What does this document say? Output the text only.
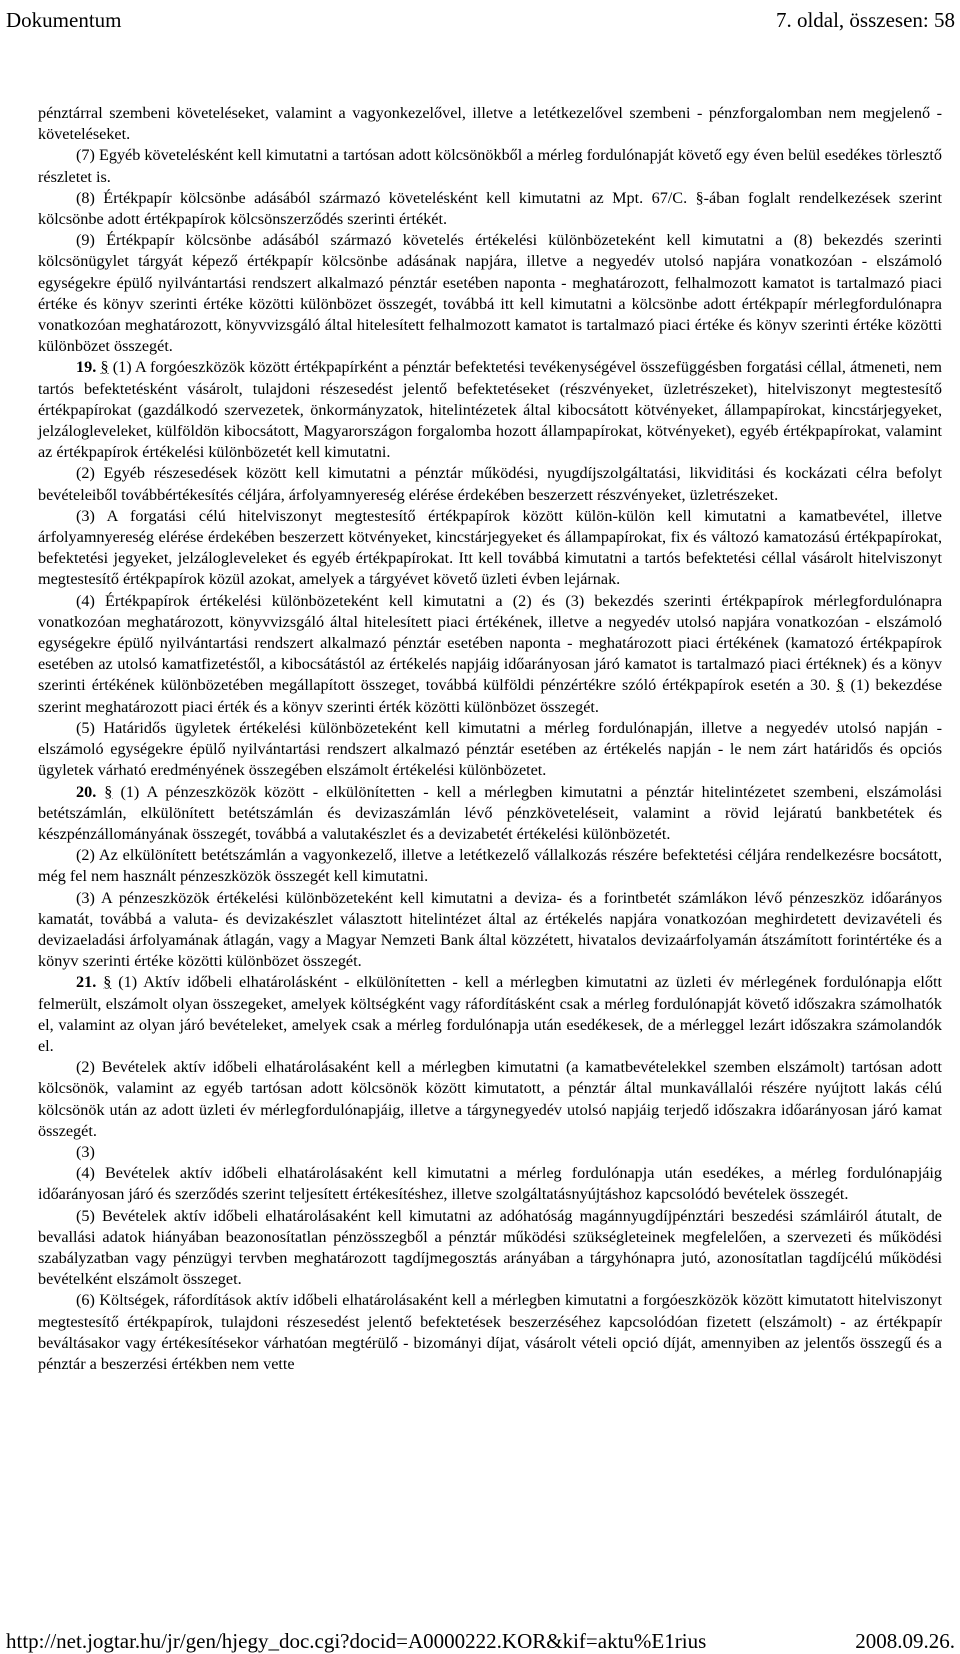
Dokumentum	7. oldal, összesen: 58

pénztárral szembeni követeléseket, valamint a vagyonkezelővel, illetve a letétkezelővel szembeni - pénzforgalomban nem megjelenő - követeléseket.

(7) Egyéb követelésként kell kimutatni a tartósan adott kölcsönökből a mérleg fordulónapját követő egy éven belül esedékes törlesztő részletet is.

(8) Értékpapír kölcsönbe adásából származó követelésként kell kimutatni az Mpt. 67/C. §-ában foglalt rendelkezések szerint kölcsönbe adott értékpapírok kölcsönszerződés szerinti értékét.

(9) Értékpapír kölcsönbe adásából származó követelés értékelési különbözeteként kell kimutatni a (8) bekezdés szerinti kölcsönügylet tárgyát képező értékpapír kölcsönbe adásának napjára, illetve a negyedév utolsó napjára vonatkozóan - elszámoló egységekre épülő nyilvántartási rendszert alkalmazó pénztár esetében naponta - meghatározott, felhalmozott kamatot is tartalmazó piaci értéke és könyv szerinti értéke közötti különbözet összegét, továbbá itt kell kimutatni a kölcsönbe adott értékpapír mérlegfordulónapra vonatkozóan meghatározott, könyvvizsgáló által hitelesített felhalmozott kamatot is tartalmazó piaci értéke és könyv szerinti értéke közötti különbözet összegét.

19. § (1) A forgóeszközök között értékpapírként a pénztár befektetési tevékenységével összefüggésben forgatási céllal, átmeneti, nem tartós befektetésként vásárolt, tulajdoni részesedést jelentő befektetéseket (részvényeket, üzletrészeket), hitelviszonyt megtestesítő értékpapírokat (gazdálkodó szervezetek, önkormányzatok, hitelintézetek által kibocsátott kötvényeket, állampapírokat, kincstárjegyeket, jelzálogleveleket, külföldön kibocsátott, Magyarországon forgalomba hozott állampapírokat, kötvényeket), egyéb értékpapírokat, valamint az értékpapírok értékelési különbözetét kell kimutatni.

(2) Egyéb részesedések között kell kimutatni a pénztár működési, nyugdíjszolgáltatási, likviditási és kockázati célra befolyt bevételeiből továbbértékesítés céljára, árfolyamnyereség elérése érdekében beszerzett részvényeket, üzletrészeket.

(3) A forgatási célú hitelviszonyt megtestesítő értékpapírok között külön-külön kell kimutatni a kamatbevétel, illetve árfolyamnyereség elérése érdekében beszerzett kötvényeket, kincstárjegyeket és állampapírokat, fix és változó kamatozású értékpapírokat, befektetési jegyeket, jelzálogleveleket és egyéb értékpapírokat. Itt kell továbbá kimutatni a tartós befektetési céllal vásárolt hitelviszonyt megtestesítő értékpapírok közül azokat, amelyek a tárgyévet követő üzleti évben lejárnak.

(4) Értékpapírok értékelési különbözeteként kell kimutatni a (2) és (3) bekezdés szerinti értékpapírok mérlegfordulónapra vonatkozóan meghatározott, könyvvizsgáló által hitelesített piaci értékének, illetve a negyedév utolsó napjára vonatkozóan - elszámoló egységekre épülő nyilvántartási rendszert alkalmazó pénztár esetében naponta - meghatározott piaci értékének (kamatozó értékpapírok esetében az utolsó kamatfizetéstől, a kibocsátástól az értékelés napjáig időarányosan járó kamatot is tartalmazó piaci értéknek) és a könyv szerinti értékének különbözetében megállapított összeget, továbbá külföldi pénzértékre szóló értékpapírok esetén a 30. § (1) bekezdése szerint meghatározott piaci érték és a könyv szerinti érték közötti különbözet összegét.

(5) Határidős ügyletek értékelési különbözeteként kell kimutatni a mérleg fordulónapján, illetve a negyedév utolsó napján - elszámoló egységekre épülő nyilvántartási rendszert alkalmazó pénztár esetében az értékelés napján - le nem zárt határidős és opciós ügyletek várható eredményének összegében elszámolt értékelési különbözetet.

20. § (1) A pénzeszközök között - elkülönítetten - kell a mérlegben kimutatni a pénztár hitelintézetet szembeni, elszámolási betétszámlán, elkülönített betétszámlán és devizaszámlán lévő pénzköveteléseit, valamint a rövid lejáratú bankbetétek és készpénzállományának összegét, továbbá a valutakészlet és a devizabetét értékelési különbözetét.

(2) Az elkülönített betétszámlán a vagyonkezelő, illetve a letétkezelő vállalkozás részére befektetési céljára rendelkezésre bocsátott, még fel nem használt pénzeszközök összegét kell kimutatni.

(3) A pénzeszközök értékelési különbözeteként kell kimutatni a deviza- és a forintbetét számlákon lévő pénzeszköz időarányos kamatát, továbbá a valuta- és devizakészlet választott hitelintézet által az értékelés napjára vonatkozóan meghirdetett devizavételi és devizaeladási árfolyamának átlagán, vagy a Magyar Nemzeti Bank által közzétett, hivatalos devizaárfolyamán átszámított forintértéke és a könyv szerinti értéke közötti különbözet összegét.

21. § (1) Aktív időbeli elhatárolásként - elkülönítetten - kell a mérlegben kimutatni az üzleti év mérlegének fordulónapja előtt felmerült, elszámolt olyan összegeket, amelyek költségként vagy ráfordításként csak a mérleg fordulónapját követő időszakra számolhatók el, valamint az olyan járó bevételeket, amelyek csak a mérleg fordulónapja után esedékesek, de a mérleggel lezárt időszakra számolandók el.

(2) Bevételek aktív időbeli elhatárolásaként kell a mérlegben kimutatni (a kamatbevételekkel szemben elszámolt) tartósan adott kölcsönök, valamint az egyéb tartósan adott kölcsönök között kimutatott, a pénztár által munkavállalói részére nyújtott lakás célú kölcsönök után az adott üzleti év mérlegfordulónapjáig, illetve a tárgynegyedév utolsó napjáig terjedő időszakra időarányosan járó kamat összegét.

(3)

(4) Bevételek aktív időbeli elhatárolásaként kell kimutatni a mérleg fordulónapja után esedékes, a mérleg fordulónapjáig időarányosan járó és szerződés szerint teljesített értékesítéshez, illetve szolgáltatásnyújtáshoz kapcsolódó bevételek összegét.

(5) Bevételek aktív időbeli elhatárolásaként kell kimutatni az adóhatóság magánnyugdíjpénztári beszedési számláiról átutalt, de bevallási adatok hiányában beazonosítatlan pénzösszegből a pénztár működési szükségleteinek megfelelően, a szervezeti és működési szabályzatban vagy pénzügyi tervben meghatározott tagdíjmegosztás arányában a tárgyhónapra jutó, azonosítatlan tagdíjcélú működési bevételként elszámolt összeget.

(6) Költségek, ráfordítások aktív időbeli elhatárolásaként kell a mérlegben kimutatni a forgóeszközök között kimutatott hitelviszonyt megtestesítő értékpapírok, tulajdoni részesedést jelentő befektetések beszerzéséhez kapcsolódóan fizetett (elszámolt) - az értékpapír beváltásakor vagy értékesítésekor várhatóan megtérülő - bizományi díjat, vásárolt vételi opció díját, amennyiben az jelentős összegű és a pénztár a beszerzési értékben nem vette

http://net.jogtar.hu/jr/gen/hjegy_doc.cgi?docid=A0000222.KOR&kif=aktu%E1rius	2008.09.26.
